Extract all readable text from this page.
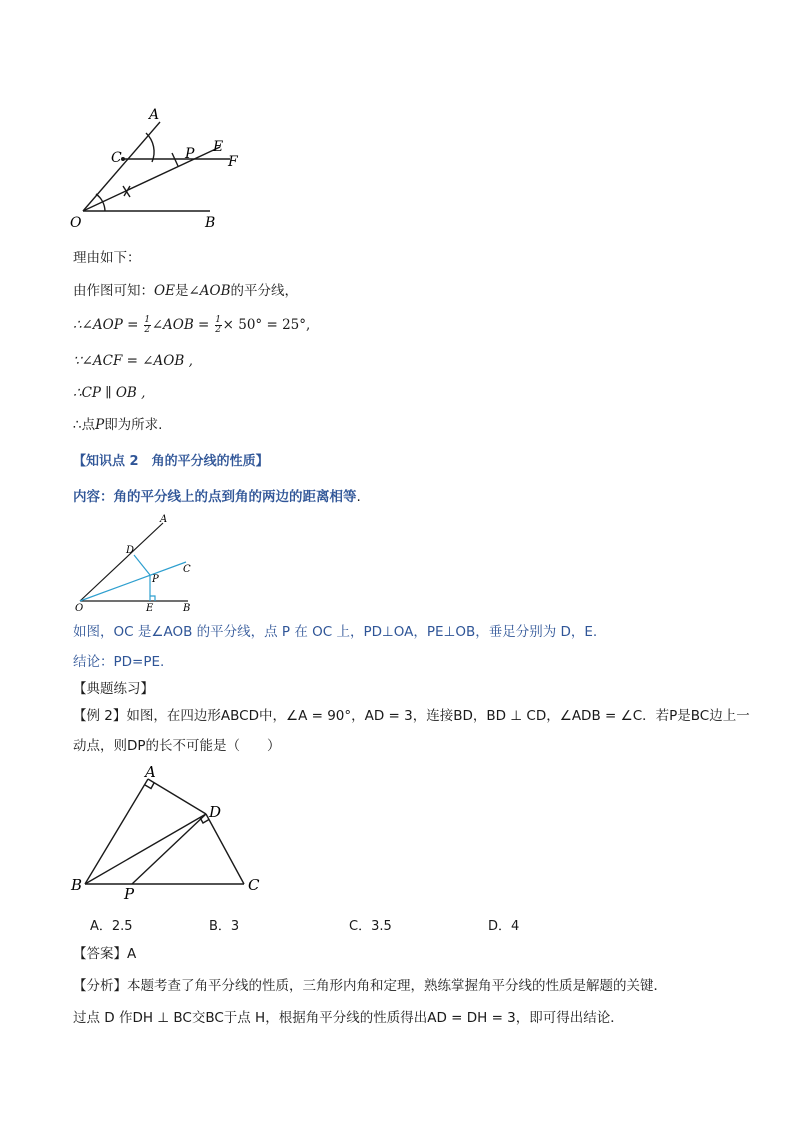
A
C	P E
F
O	B
理由如下：
由作图可知：OE是∠AOB的平分线，
∴∠AOP = $\frac{1}{2}$ ∠AOB = $\frac{1}{2} \times 50^\circ = 25^\circ$,
∵∠ACF = ∠AOB ,
∴CP ∥ OB ,
∴点P即为所求.
【知识点 2　角的平分线的性质】
内容：角的平分线上的点到角的两边的距离相等.
A
D
C
P
O	E	B
如图，OC 是∠AOB 的平分线，点 P 在 OC 上，PD⊥OA，PE⊥OB，垂足分别为 D，E.
结论：PD=PE.
【典题练习】
【例 2】如图，在四边形ABCD中，∠A = 90°，AD = 3，连接BD，BD ⊥ CD，∠ADB = ∠C．若P是BC边上一
动点，则DP的长不可能是（　　）
A
D
B	P	C
A．2.5	B．3	C．3.5	D．4
【答案】A
【分析】本题考查了角平分线的性质，三角形内角和定理，熟练掌握角平分线的性质是解题的关键．
过点 D 作DH ⊥ BC交BC于点 H，根据角平分线的性质得出AD = DH = 3，即可得出结论．
